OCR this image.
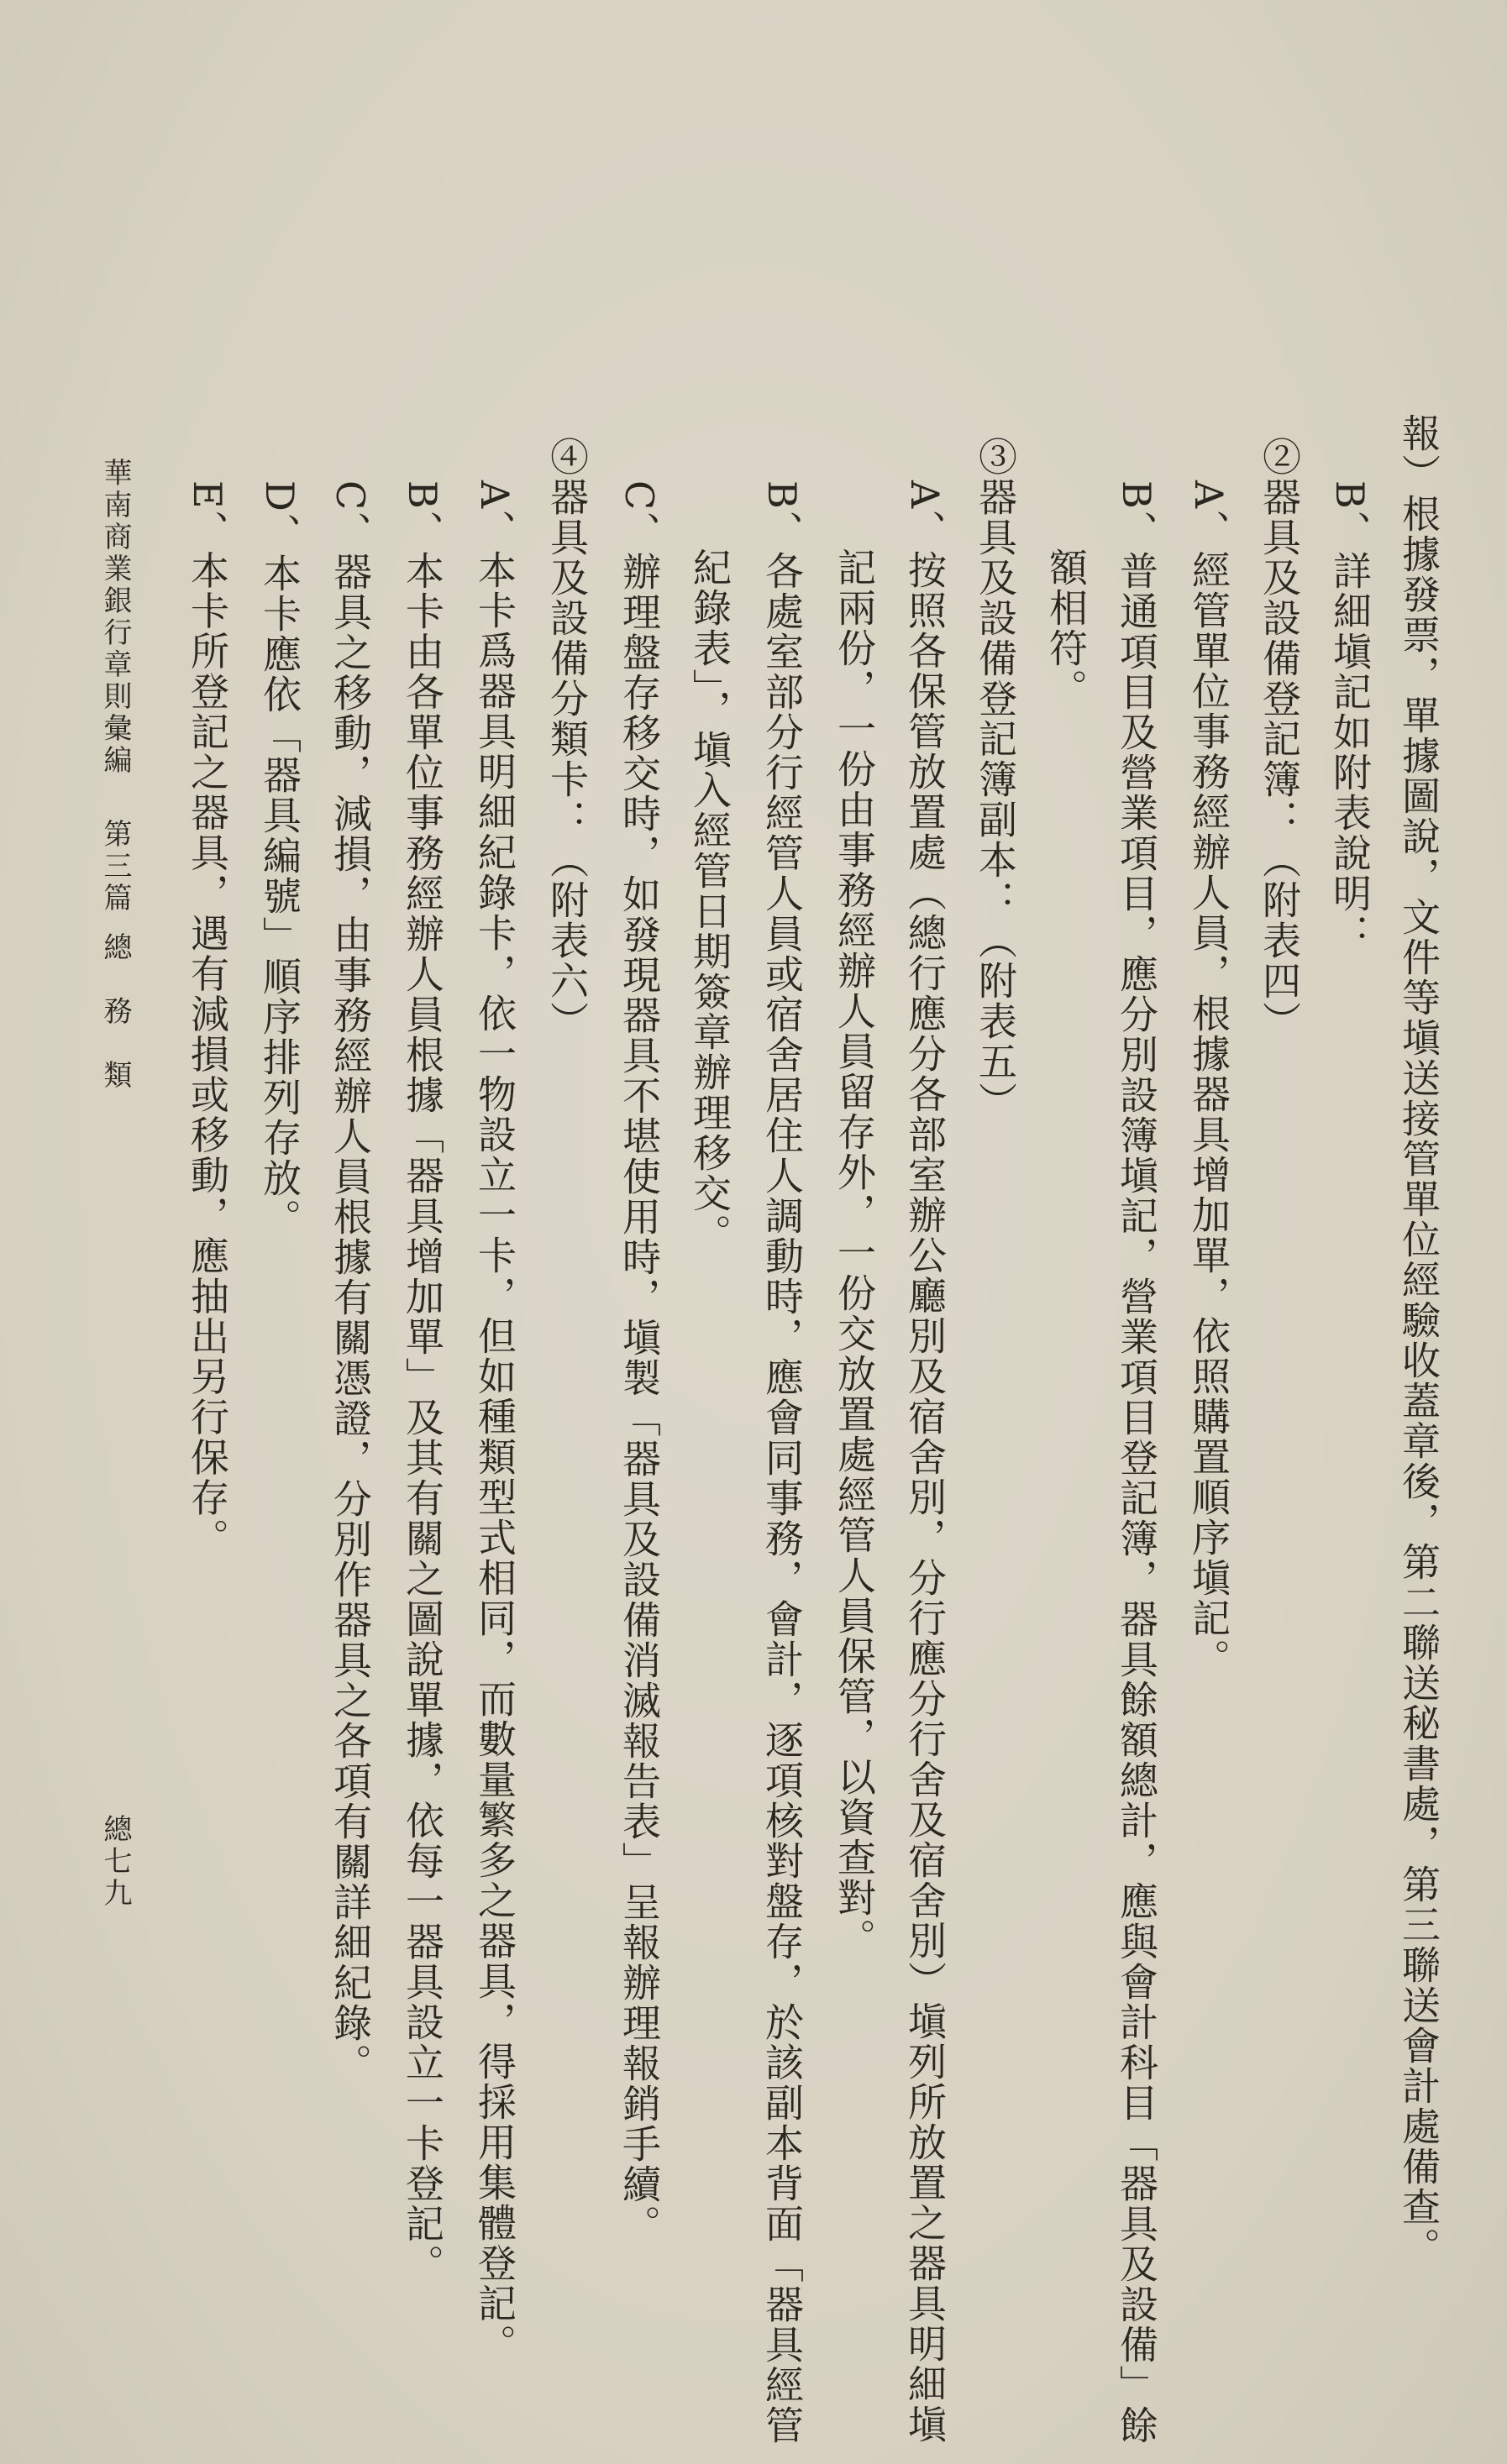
報）根據發票，單據圖說，文件等塡送接管單位經驗收蓋章後，第二聯送秘書處，第三聯送會計處備查。
B、詳細塡記如附表說明：
②器具及設備登記簿：（附表四）
A、經管單位事務經辦人員，根據器具增加單，依照購置順序塡記。
B、普通項目及營業項目，應分別設簿塡記，營業項目登記簿，器具餘額總計，應與會計科目「器具及設備」餘
額相符。
③器具及設備登記簿副本：（附表五）
A、按照各保管放置處（總行應分各部室辦公廳別及宿舍別，分行應分行舍及宿舍別）塡列所放置之器具明細塡
記兩份，一份由事務經辦人員留存外，一份交放置處經管人員保管，以資查對。
B、各處室部分行經管人員或宿舍居住人調動時，應會同事務，會計，逐項核對盤存，於該副本背面「器具經管
紀錄表」，塡入經管日期簽章辦理移交。
C、辦理盤存移交時，如發現器具不堪使用時，塡製「器具及設備消滅報告表」呈報辦理報銷手續。
④器具及設備分類卡：（附表六）
A、本卡爲器具明細紀錄卡，依一物設立一卡，但如種類型式相同，而數量繁多之器具，得採用集體登記。
B、本卡由各單位事務經辦人員根據「器具增加單」及其有關之圖說單據，依每一器具設立一卡登記。
C、器具之移動，減損，由事務經辦人員根據有關憑證，分別作器具之各項有關詳細紀錄。
D、本卡應依「器具編號」順序排列存放。
E、本卡所登記之器具，遇有減損或移動，應抽出另行保存。
華南商業銀行章則彙編
第三篇
總　務　類
總七九
